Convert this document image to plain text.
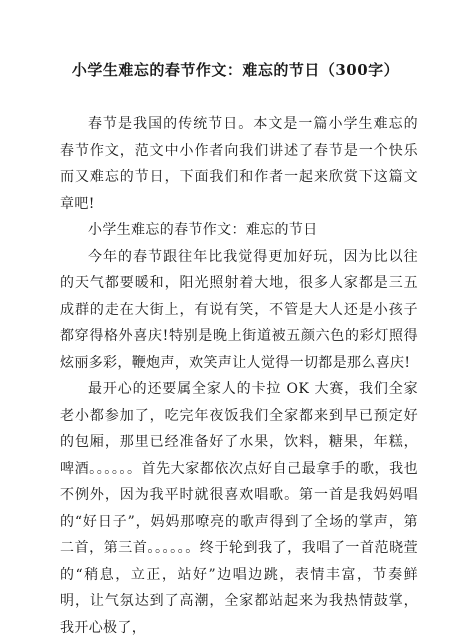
小学生难忘的春节作文：难忘的节日（300字）

春节是我国的传统节日。本文是一篇小学生难忘的春节作文，范文中小作者向我们讲述了春节是一个快乐而又难忘的节日，下面我们和作者一起来欣赏下这篇文章吧!

小学生难忘的春节作文：难忘的节日

今年的春节跟往年比我觉得更加好玩，因为比以往的天气都要暖和，阳光照射着大地，很多人家都是三五成群的走在大街上，有说有笑，不管是大人还是小孩子都穿得格外喜庆!特别是晚上街道被五颜六色的彩灯照得炫丽多彩，鞭炮声，欢笑声让人觉得一切都是那么喜庆!

最开心的还要属全家人的卡拉 OK 大赛，我们全家老小都参加了，吃完年夜饭我们全家都来到早已预定好的包厢，那里已经准备好了水果，饮料，糖果，年糕，啤酒。。。。。。首先大家都依次点好自己最拿手的歌，我也不例外，因为我平时就很喜欢唱歌。第一首是我妈妈唱的“好日子”，妈妈那嘹亮的歌声得到了全场的掌声，第二首，第三首。。。。。。终于轮到我了，我唱了一首范晓萱的“稍息，立正，站好”边唱边跳，表情丰富，节奏鲜明，让气氛达到了高潮，全家都站起来为我热情鼓掌，我开心极了，
